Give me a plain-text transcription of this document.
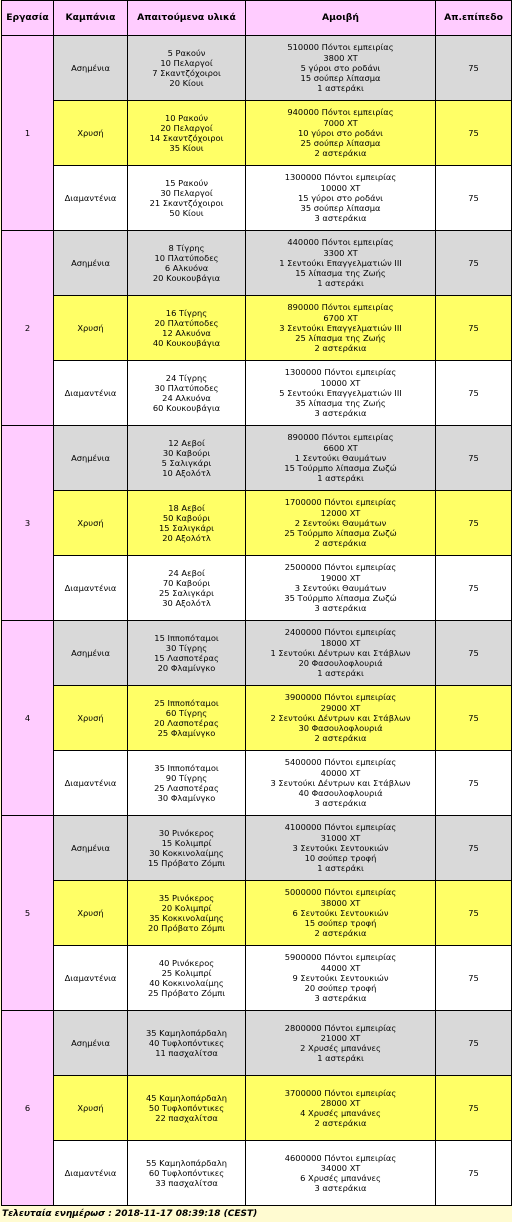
Εργασία	Καμπάνια	Απαιτούμενα υλικά	Αμοιβή	Απ.επίπεδο
1	Ασημένια	5 Ρακούν
10 Πελαργοί
7 Σκαντζόχοιροι
20 Κίουι	510000 Πόντοι εμπειρίας
3800 XT
5 γύροι στο ροδάνι
15 σούπερ λίπασμα
1 αστεράκι	75
	Χρυσή	10 Ρακούν
20 Πελαργοί
14 Σκαντζόχοιροι
35 Κίουι	940000 Πόντοι εμπειρίας
7000 XT
10 γύροι στο ροδάνι
25 σούπερ λίπασμα
2 αστεράκια	75
	Διαμαντένια	15 Ρακούν
30 Πελαργοί
21 Σκαντζόχοιροι
50 Κίουι	1300000 Πόντοι εμπειρίας
10000 XT
15 γύροι στο ροδάνι
35 σούπερ λίπασμα
3 αστεράκια	75
2	Ασημένια	8 Τίγρης
10 Πλατύποδες
6 Αλκυόνα
20 Κουκουβάγια	440000 Πόντοι εμπειρίας
3300 XT
1 Σεντούκι Επαγγελματιών III
15 λίπασμα της Ζωής
1 αστεράκι	75
	Χρυσή	16 Τίγρης
20 Πλατύποδες
12 Αλκυόνα
40 Κουκουβάγια	890000 Πόντοι εμπειρίας
6700 XT
3 Σεντούκι Επαγγελματιών III
25 λίπασμα της Ζωής
2 αστεράκια	75
	Διαμαντένια	24 Τίγρης
30 Πλατύποδες
24 Αλκυόνα
60 Κουκουβάγια	1300000 Πόντοι εμπειρίας
10000 XT
5 Σεντούκι Επαγγελματιών III
35 λίπασμα της Ζωής
3 αστεράκια	75
3	Ασημένια	12 Αεβοί
30 Καβούρι
5 Σαλιγκάρι
10 Αξολότλ	890000 Πόντοι εμπειρίας
6600 XT
1 Σεντούκι Θαυμάτων
15 Τούρμπο λίπασμα Ζωζώ
1 αστεράκι	75
	Χρυσή	18 Αεβοί
50 Καβούρι
15 Σαλιγκάρι
20 Αξολότλ	1700000 Πόντοι εμπειρίας
12000 XT
2 Σεντούκι Θαυμάτων
25 Τούρμπο λίπασμα Ζωζώ
2 αστεράκια	75
	Διαμαντένια	24 Αεβοί
70 Καβούρι
25 Σαλιγκάρι
30 Αξολότλ	2500000 Πόντοι εμπειρίας
19000 XT
3 Σεντούκι Θαυμάτων
35 Τούρμπο λίπασμα Ζωζώ
3 αστεράκια	75
4	Ασημένια	15 Ιπποπόταμοι
30 Τίγρης
15 Λασποτέρας
20 Φλαμίνγκο	2400000 Πόντοι εμπειρίας
18000 XT
1 Σεντούκι Δέντρων και Στάβλων
20 Φασουλοφλουριά
1 αστεράκι	75
	Χρυσή	25 Ιπποπόταμοι
60 Τίγρης
20 Λασποτέρας
25 Φλαμίνγκο	3900000 Πόντοι εμπειρίας
29000 XT
2 Σεντούκι Δέντρων και Στάβλων
30 Φασουλοφλουριά
2 αστεράκια	75
	Διαμαντένια	35 Ιπποπόταμοι
90 Τίγρης
25 Λασποτέρας
30 Φλαμίνγκο	5400000 Πόντοι εμπειρίας
40000 XT
3 Σεντούκι Δέντρων και Στάβλων
40 Φασουλοφλουριά
3 αστεράκια	75
5	Ασημένια	30 Ρινόκερος
15 Κολιμπρί
30 Κοκκινολαίμης
15 Πρόβατο Ζόμπι	4100000 Πόντοι εμπειρίας
31000 XT
3 Σεντούκι Σεντουκιών
10 σούπερ τροφή
1 αστεράκι	75
	Χρυσή	35 Ρινόκερος
20 Κολιμπρί
35 Κοκκινολαίμης
20 Πρόβατο Ζόμπι	5000000 Πόντοι εμπειρίας
38000 XT
6 Σεντούκι Σεντουκιών
15 σούπερ τροφή
2 αστεράκια	75
	Διαμαντένια	40 Ρινόκερος
25 Κολιμπρί
40 Κοκκινολαίμης
25 Πρόβατο Ζόμπι	5900000 Πόντοι εμπειρίας
44000 XT
9 Σεντούκι Σεντουκιών
20 σούπερ τροφή
3 αστεράκια	75
6	Ασημένια	35 Καμηλοπάρδαλη
40 Τυφλοπόντικες
11 πασχαλίτσα	2800000 Πόντοι εμπειρίας
21000 XT
2 Χρυσές μπανάνες
1 αστεράκι	75
	Χρυσή	45 Καμηλοπάρδαλη
50 Τυφλοπόντικες
22 πασχαλίτσα	3700000 Πόντοι εμπειρίας
28000 XT
4 Χρυσές μπανάνες
2 αστεράκια	75
	Διαμαντένια	55 Καμηλοπάρδαλη
60 Τυφλοπόντικες
33 πασχαλίτσα	4600000 Πόντοι εμπειρίας
34000 XT
6 Χρυσές μπανάνες
3 αστεράκια	75
Τελευταία ενημέρωσ : 2018-11-17 08:39:18 (CEST)
